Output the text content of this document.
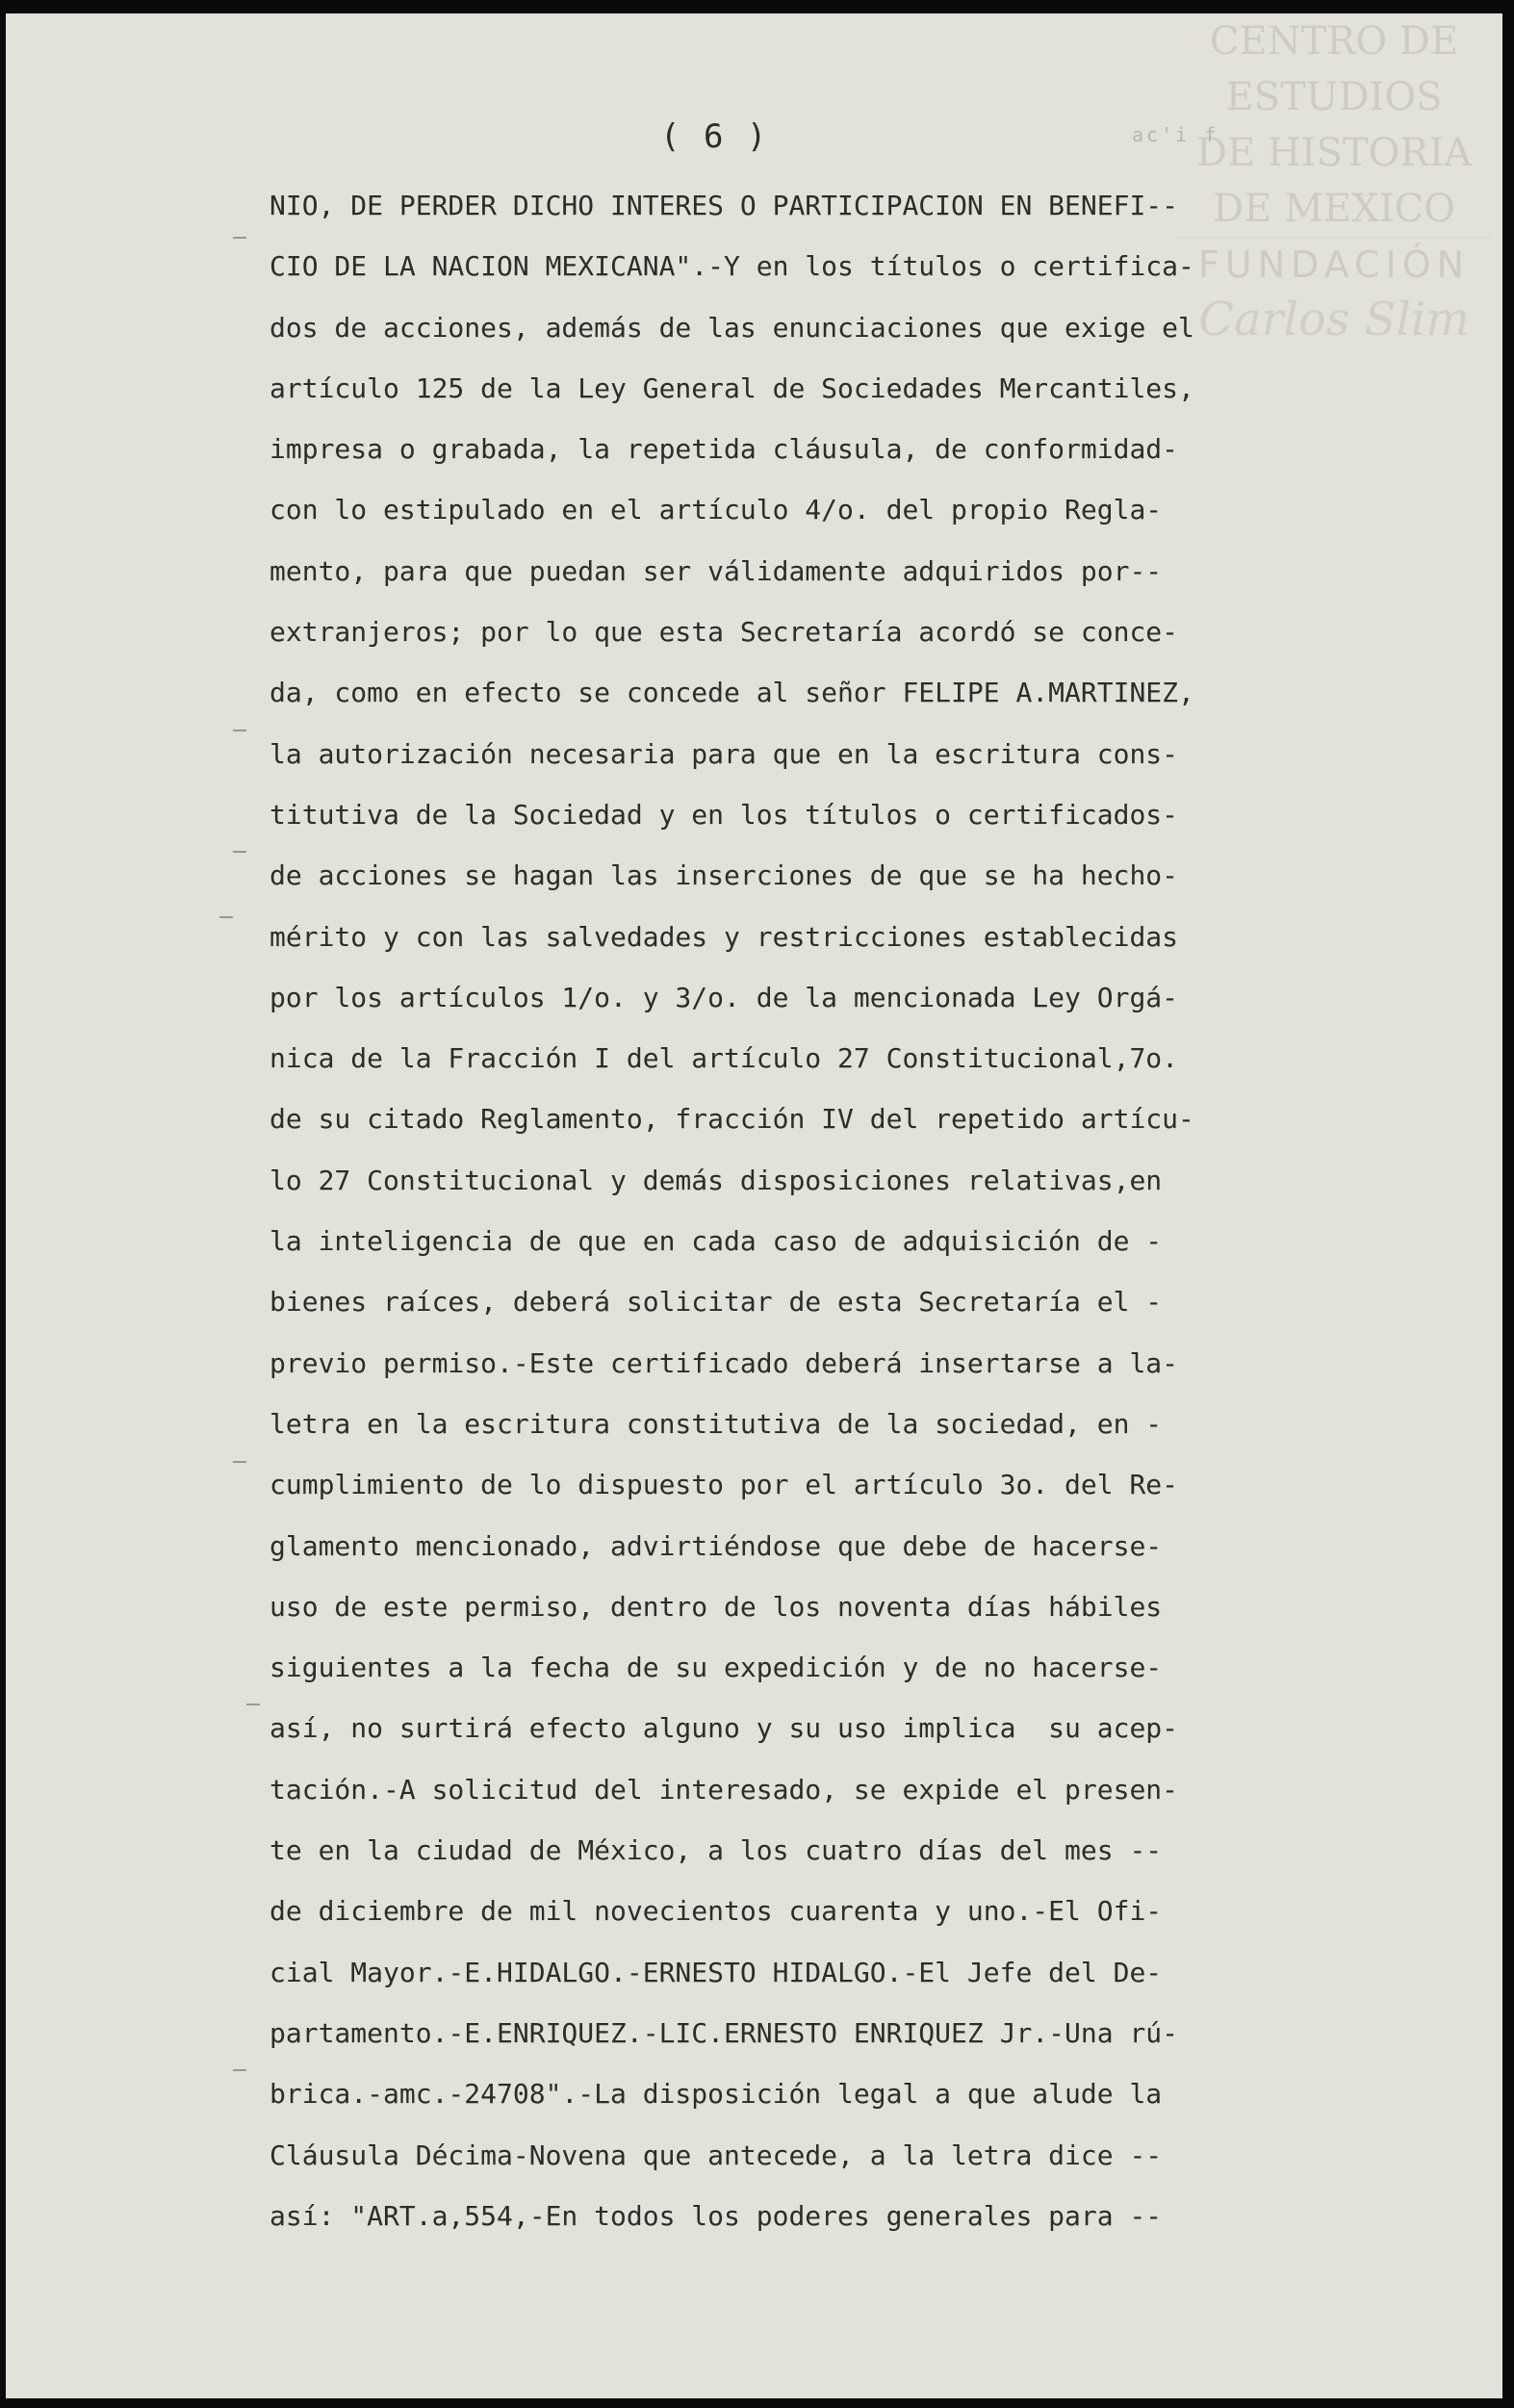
CENTRO DE
ESTUDIOS
DE HISTORIA
DE MEXICO
FUNDACIÓN
Carlos Slim
( 6 )	ac'i f
NIO, DE PERDER DICHO INTERES O PARTICIPACION EN BENEFI--
CIO DE LA NACION MEXICANA".-Y en los títulos o certifica-
dos de acciones, además de las enunciaciones que exige el
artículo 125 de la Ley General de Sociedades Mercantiles,
impresa o grabada, la repetida cláusula, de conformidad-
con lo estipulado en el artículo 4/o. del propio Regla-
mento, para que puedan ser válidamente adquiridos por--
extranjeros; por lo que esta Secretaría acordó se conce-
da, como en efecto se concede al señor FELIPE A.MARTINEZ,
la autorización necesaria para que en la escritura cons-
titutiva de la Sociedad y en los títulos o certificados-
de acciones se hagan las inserciones de que se ha hecho-
mérito y con las salvedades y restricciones establecidas
por los artículos 1/o. y 3/o. de la mencionada Ley Orgá-
nica de la Fracción I del artículo 27 Constitucional,7o.
de su citado Reglamento, fracción IV del repetido artícu-
lo 27 Constitucional y demás disposiciones relativas,en
la inteligencia de que en cada caso de adquisición de -
bienes raíces, deberá solicitar de esta Secretaría el -
previo permiso.-Este certificado deberá insertarse a la-
letra en la escritura constitutiva de la sociedad, en -
cumplimiento de lo dispuesto por el artículo 3o. del Re-
glamento mencionado, advirtiéndose que debe de hacerse-
uso de este permiso, dentro de los noventa días hábiles
siguientes a la fecha de su expedición y de no hacerse-
así, no surtirá efecto alguno y su uso implica  su acep-
tación.-A solicitud del interesado, se expide el presen-
te en la ciudad de México, a los cuatro días del mes --
de diciembre de mil novecientos cuarenta y uno.-El Ofi-
cial Mayor.-E.HIDALGO.-ERNESTO HIDALGO.-El Jefe del De-
partamento.-E.ENRIQUEZ.-LIC.ERNESTO ENRIQUEZ Jr.-Una rú-
brica.-amc.-24708".-La disposición legal a que alude la
Cláusula Décima-Novena que antecede, a la letra dice --
así: "ART.a,554,-En todos los poderes generales para --
